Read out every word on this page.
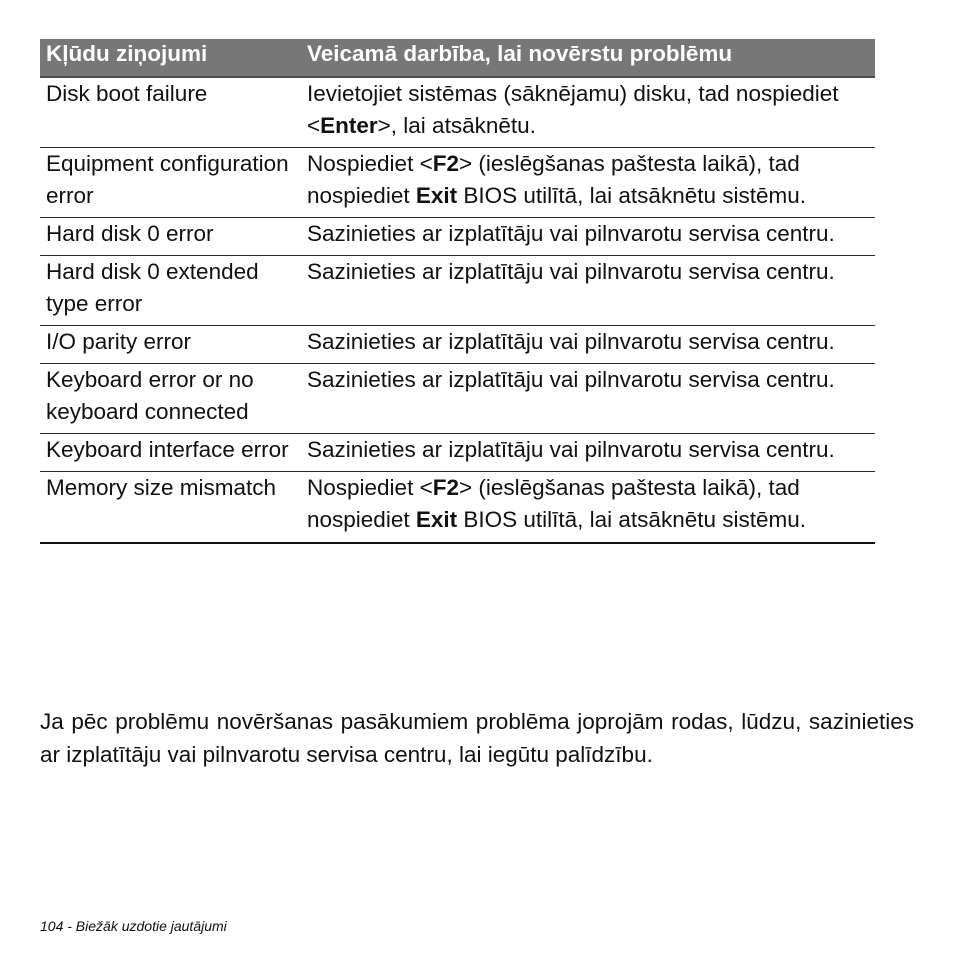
Kļūdu ziņojumi	Veicamā darbība, lai novērstu problēmu
Disk boot failure	Ievietojiet sistēmas (sāknējamu) disku, tad nospiediet <Enter>, lai atsāknētu.
Equipment configuration error	Nospiediet <F2> (ieslēgšanas paštesta laikā), tad nospiediet Exit BIOS utilītā, lai atsāknētu sistēmu.
Hard disk 0 error	Sazinieties ar izplatītāju vai pilnvarotu servisa centru.
Hard disk 0 extended type error	Sazinieties ar izplatītāju vai pilnvarotu servisa centru.
I/O parity error	Sazinieties ar izplatītāju vai pilnvarotu servisa centru.
Keyboard error or no keyboard connected	Sazinieties ar izplatītāju vai pilnvarotu servisa centru.
Keyboard interface error	Sazinieties ar izplatītāju vai pilnvarotu servisa centru.
Memory size mismatch	Nospiediet <F2> (ieslēgšanas paštesta laikā), tad nospiediet Exit BIOS utilītā, lai atsāknētu sistēmu.

Ja pēc problēmu novēršanas pasākumiem problēma joprojām rodas, lūdzu, sazinieties ar izplatītāju vai pilnvarotu servisa centru, lai iegūtu palīdzību.

104 - Biežāk uzdotie jautājumi
